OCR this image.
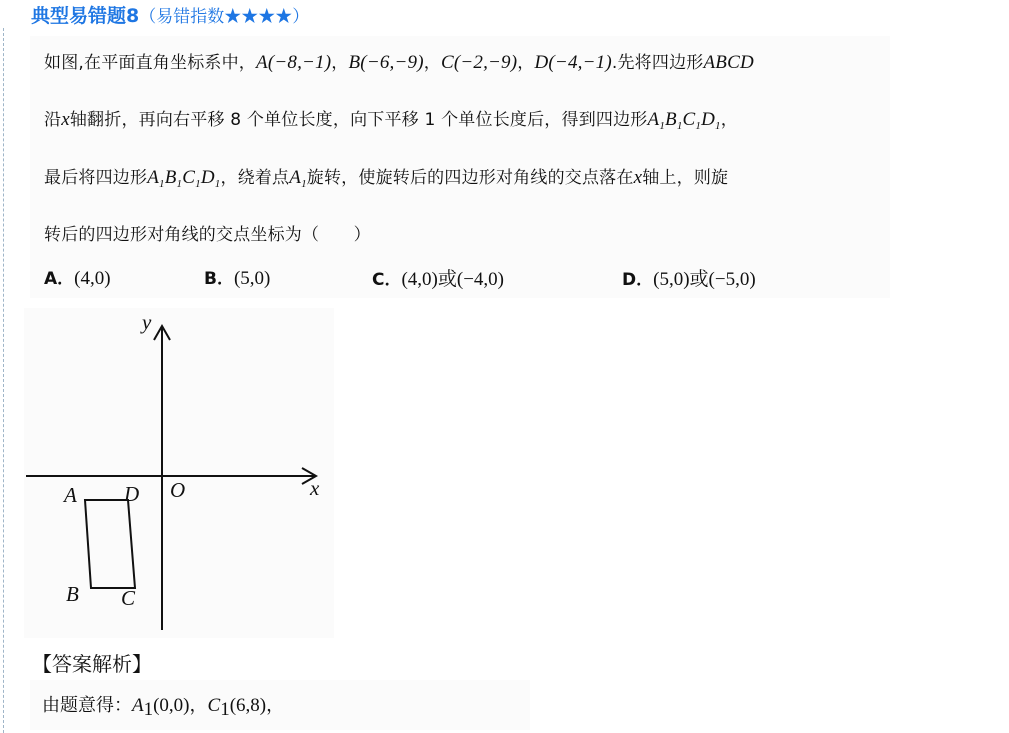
典型易错题8（易错指数★★★★）
如图,在平面直角坐标系中，A(−8,−1)，B(−6,−9)，C(−2,−9)，D(−4,−1).先将四边形ABCD
沿x轴翻折，再向右平移 8 个单位长度，向下平移 1 个单位长度后，得到四边形$A_1B_1C_1D_1$，
最后将四边形$A_1B_1C_1D_1$，绕着点$A_1$旋转，使旋转后的四边形对角线的交点落在x轴上，则旋
转后的四边形对角线的交点坐标为（　　）
A．(4,0)	B．(5,0)	C．(4,0)或(−4,0)	D．(5,0)或(−5,0)
y
x
O
A D
B C
【答案解析】
由题意得：$A_1(0,0)$，$C_1(6,8)$，
